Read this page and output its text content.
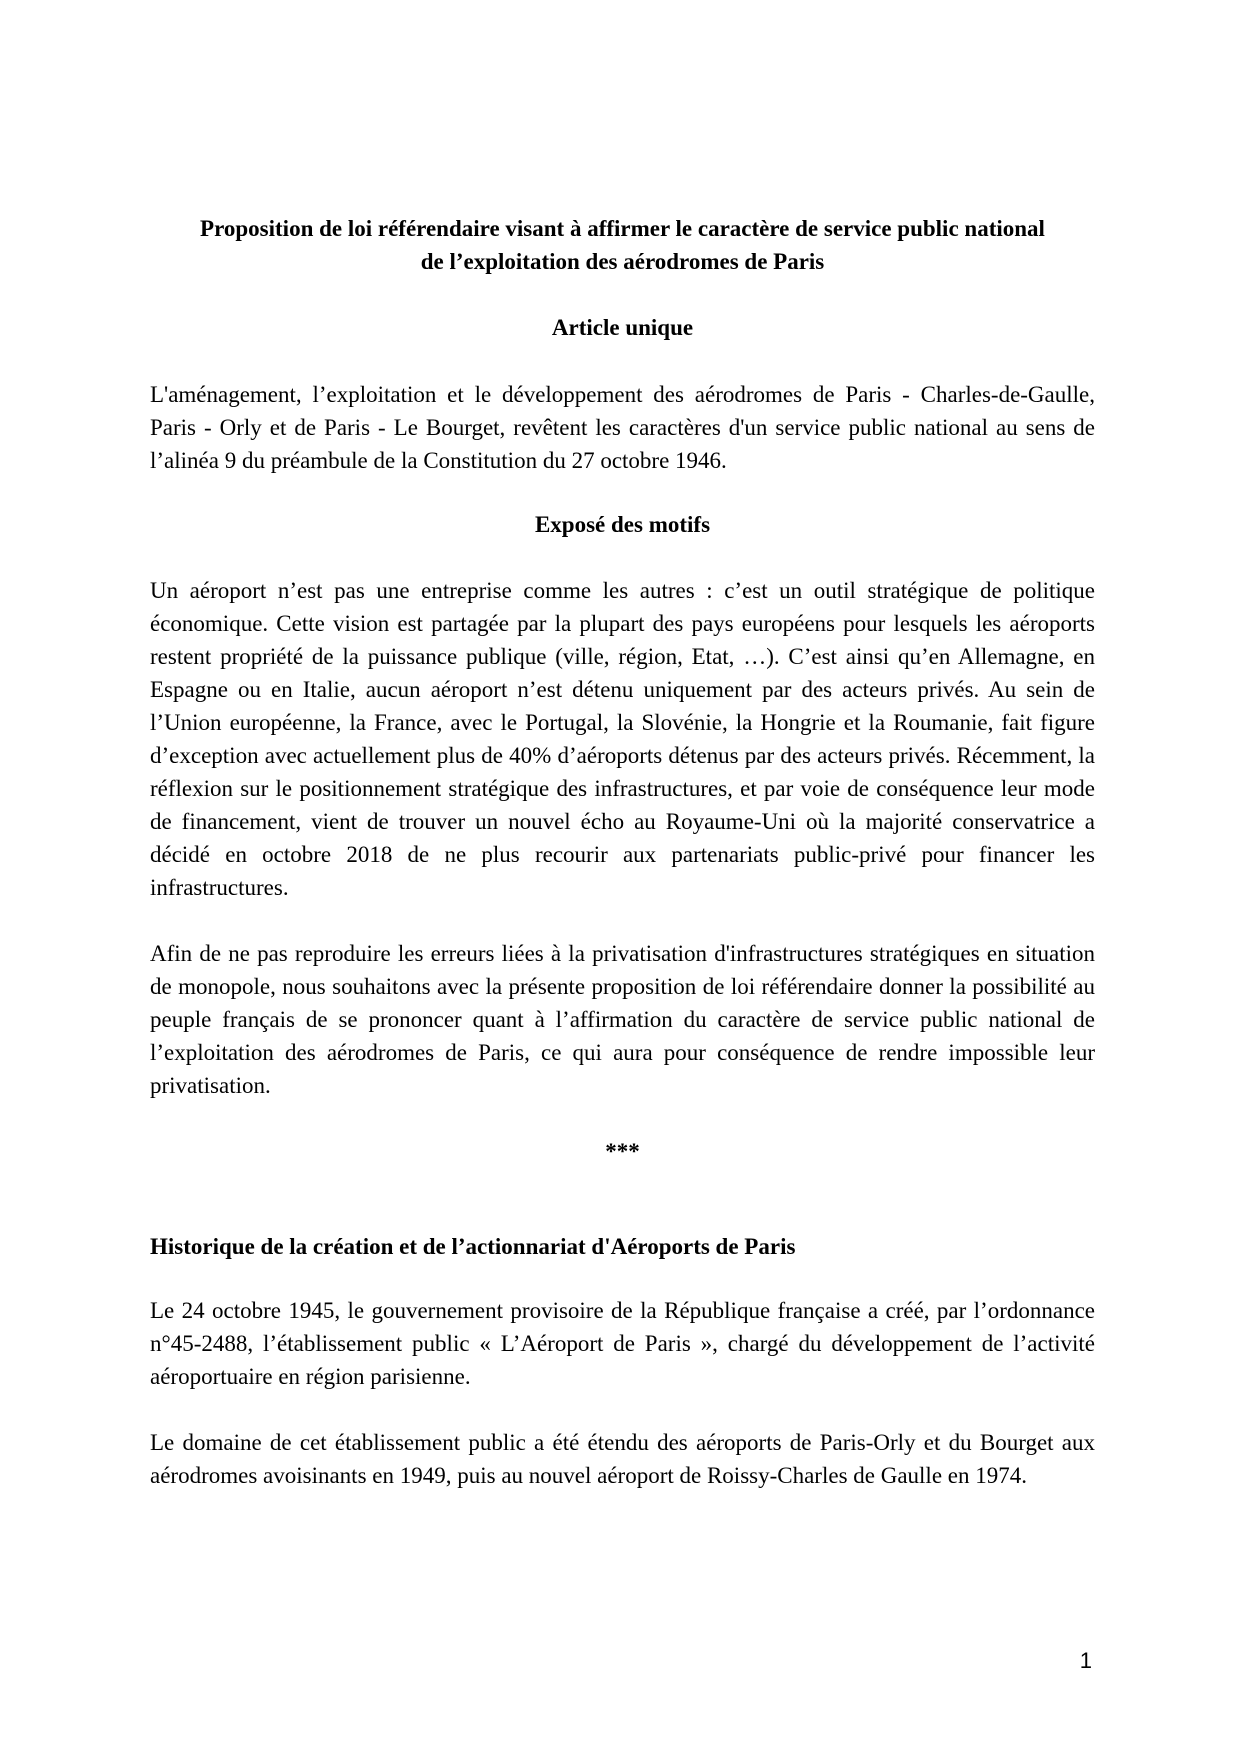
Proposition de loi référendaire visant à affirmer le caractère de service public national
de l’exploitation des aérodromes de Paris
Article unique

L'aménagement, l’exploitation et le développement des aérodromes de Paris - Charles-de-Gaulle, Paris - Orly et de Paris - Le Bourget, revêtent les caractères d'un service public national au sens de l’alinéa 9 du préambule de la Constitution du 27 octobre 1946.

Exposé des motifs

Un aéroport n’est pas une entreprise comme les autres : c’est un outil stratégique de politique économique. Cette vision est partagée par la plupart des pays européens pour lesquels les aéroports restent propriété de la puissance publique (ville, région, Etat, …). C’est ainsi qu’en Allemagne, en Espagne ou en Italie, aucun aéroport n’est détenu uniquement par des acteurs privés. Au sein de l’Union européenne, la France, avec le Portugal, la Slovénie, la Hongrie et la Roumanie, fait figure d’exception avec actuellement plus de 40% d’aéroports détenus par des acteurs privés. Récemment, la réflexion sur le positionnement stratégique des infrastructures, et par voie de conséquence leur mode de financement, vient de trouver un nouvel écho au Royaume-Uni où la majorité conservatrice a décidé en octobre 2018 de ne plus recourir aux partenariats public-privé pour financer les infrastructures.

Afin de ne pas reproduire les erreurs liées à la privatisation d'infrastructures stratégiques en situation de monopole, nous souhaitons avec la présente proposition de loi référendaire donner la possibilité au peuple français de se prononcer quant à l’affirmation du caractère de service public national de l’exploitation des aérodromes de Paris, ce qui aura pour conséquence de rendre impossible leur privatisation.

***

Historique de la création et de l’actionnariat d'Aéroports de Paris

Le 24 octobre 1945, le gouvernement provisoire de la République française a créé, par l’ordonnance n°45-2488, l’établissement public « L’Aéroport de Paris », chargé du développement de l’activité aéroportuaire en région parisienne.

Le domaine de cet établissement public a été étendu des aéroports de Paris-Orly et du Bourget aux aérodromes avoisinants en 1949, puis au nouvel aéroport de Roissy-Charles de Gaulle en 1974.

1
